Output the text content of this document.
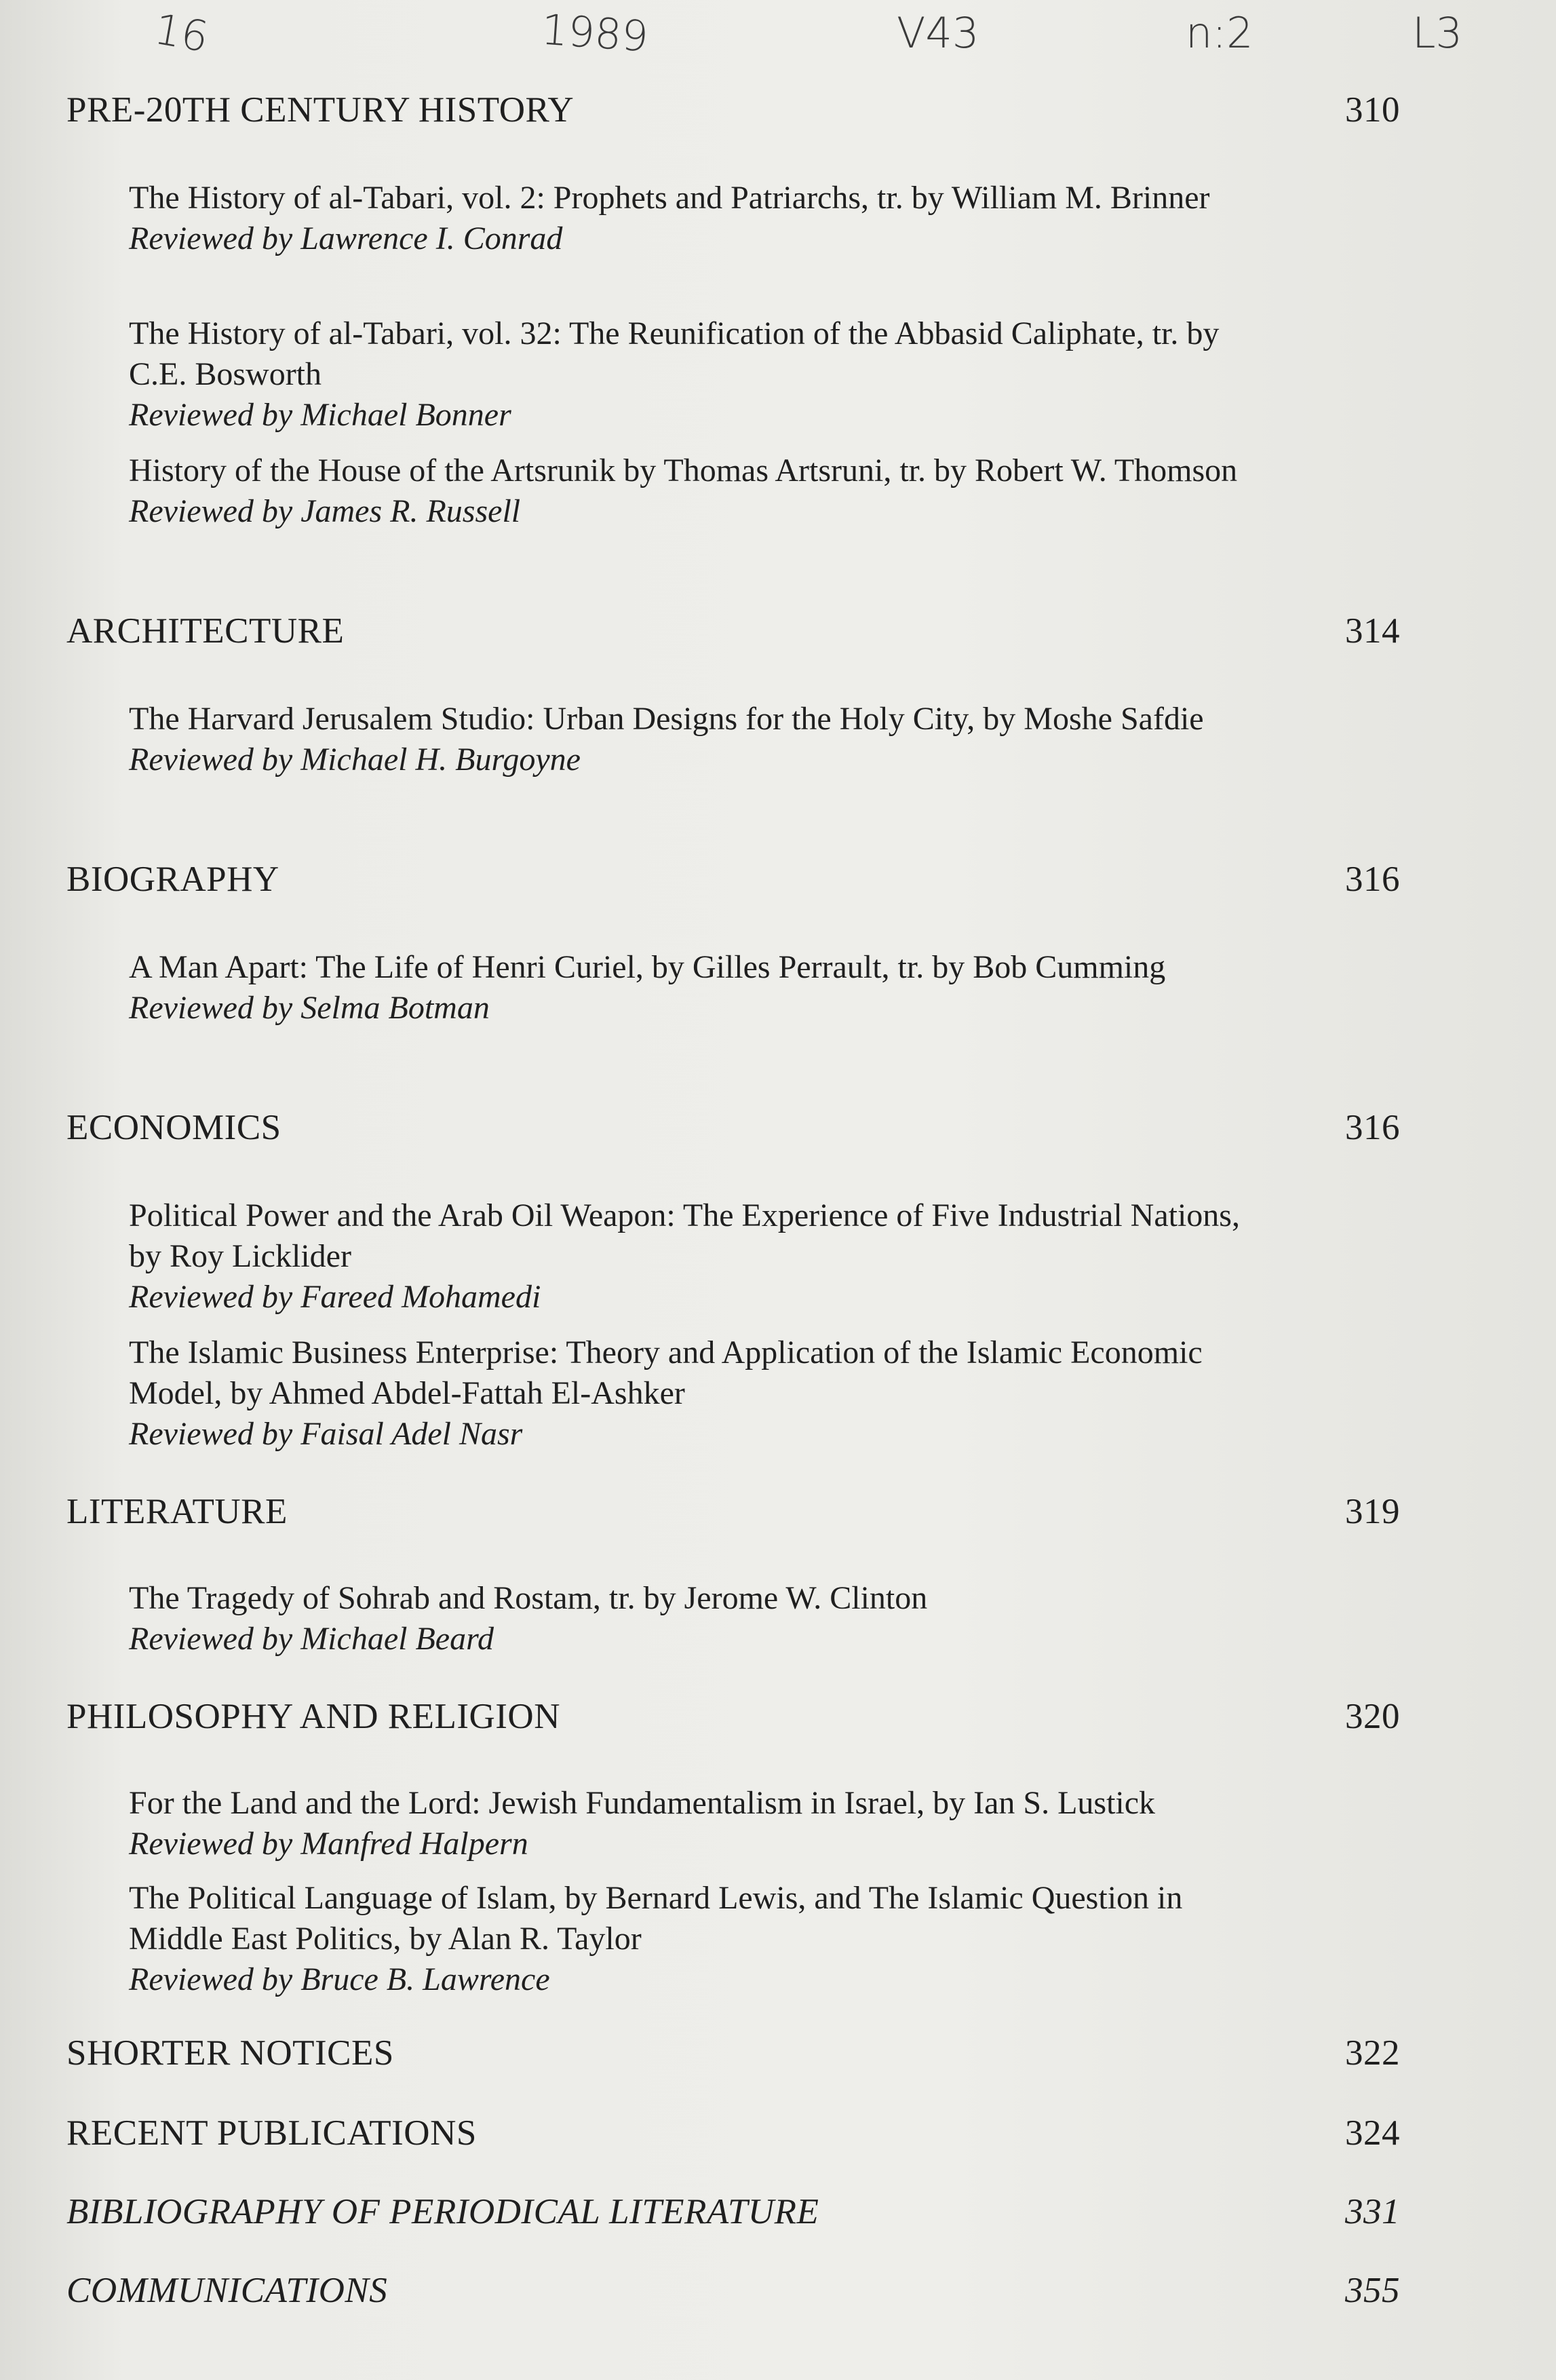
16	1989	V43	n:2	L3
PRE-20TH CENTURY HISTORY	310
The History of al-Tabari, vol. 2: Prophets and Patriarchs, tr. by William M. Brinner
Reviewed by Lawrence I. Conrad
The History of al-Tabari, vol. 32: The Reunification of the Abbasid Caliphate, tr. by C.E. Bosworth
Reviewed by Michael Bonner
History of the House of the Artsrunik by Thomas Artsruni, tr. by Robert W. Thomson
Reviewed by James R. Russell
ARCHITECTURE	314
The Harvard Jerusalem Studio: Urban Designs for the Holy City, by Moshe Safdie
Reviewed by Michael H. Burgoyne
BIOGRAPHY	316
A Man Apart: The Life of Henri Curiel, by Gilles Perrault, tr. by Bob Cumming
Reviewed by Selma Botman
ECONOMICS	316
Political Power and the Arab Oil Weapon: The Experience of Five Industrial Nations, by Roy Licklider
Reviewed by Fareed Mohamedi
The Islamic Business Enterprise: Theory and Application of the Islamic Economic Model, by Ahmed Abdel-Fattah El-Ashker
Reviewed by Faisal Adel Nasr
LITERATURE	319
The Tragedy of Sohrab and Rostam, tr. by Jerome W. Clinton
Reviewed by Michael Beard
PHILOSOPHY AND RELIGION	320
For the Land and the Lord: Jewish Fundamentalism in Israel, by Ian S. Lustick
Reviewed by Manfred Halpern
The Political Language of Islam, by Bernard Lewis, and The Islamic Question in Middle East Politics, by Alan R. Taylor
Reviewed by Bruce B. Lawrence
SHORTER NOTICES	322
RECENT PUBLICATIONS	324
BIBLIOGRAPHY OF PERIODICAL LITERATURE	331
COMMUNICATIONS	355
